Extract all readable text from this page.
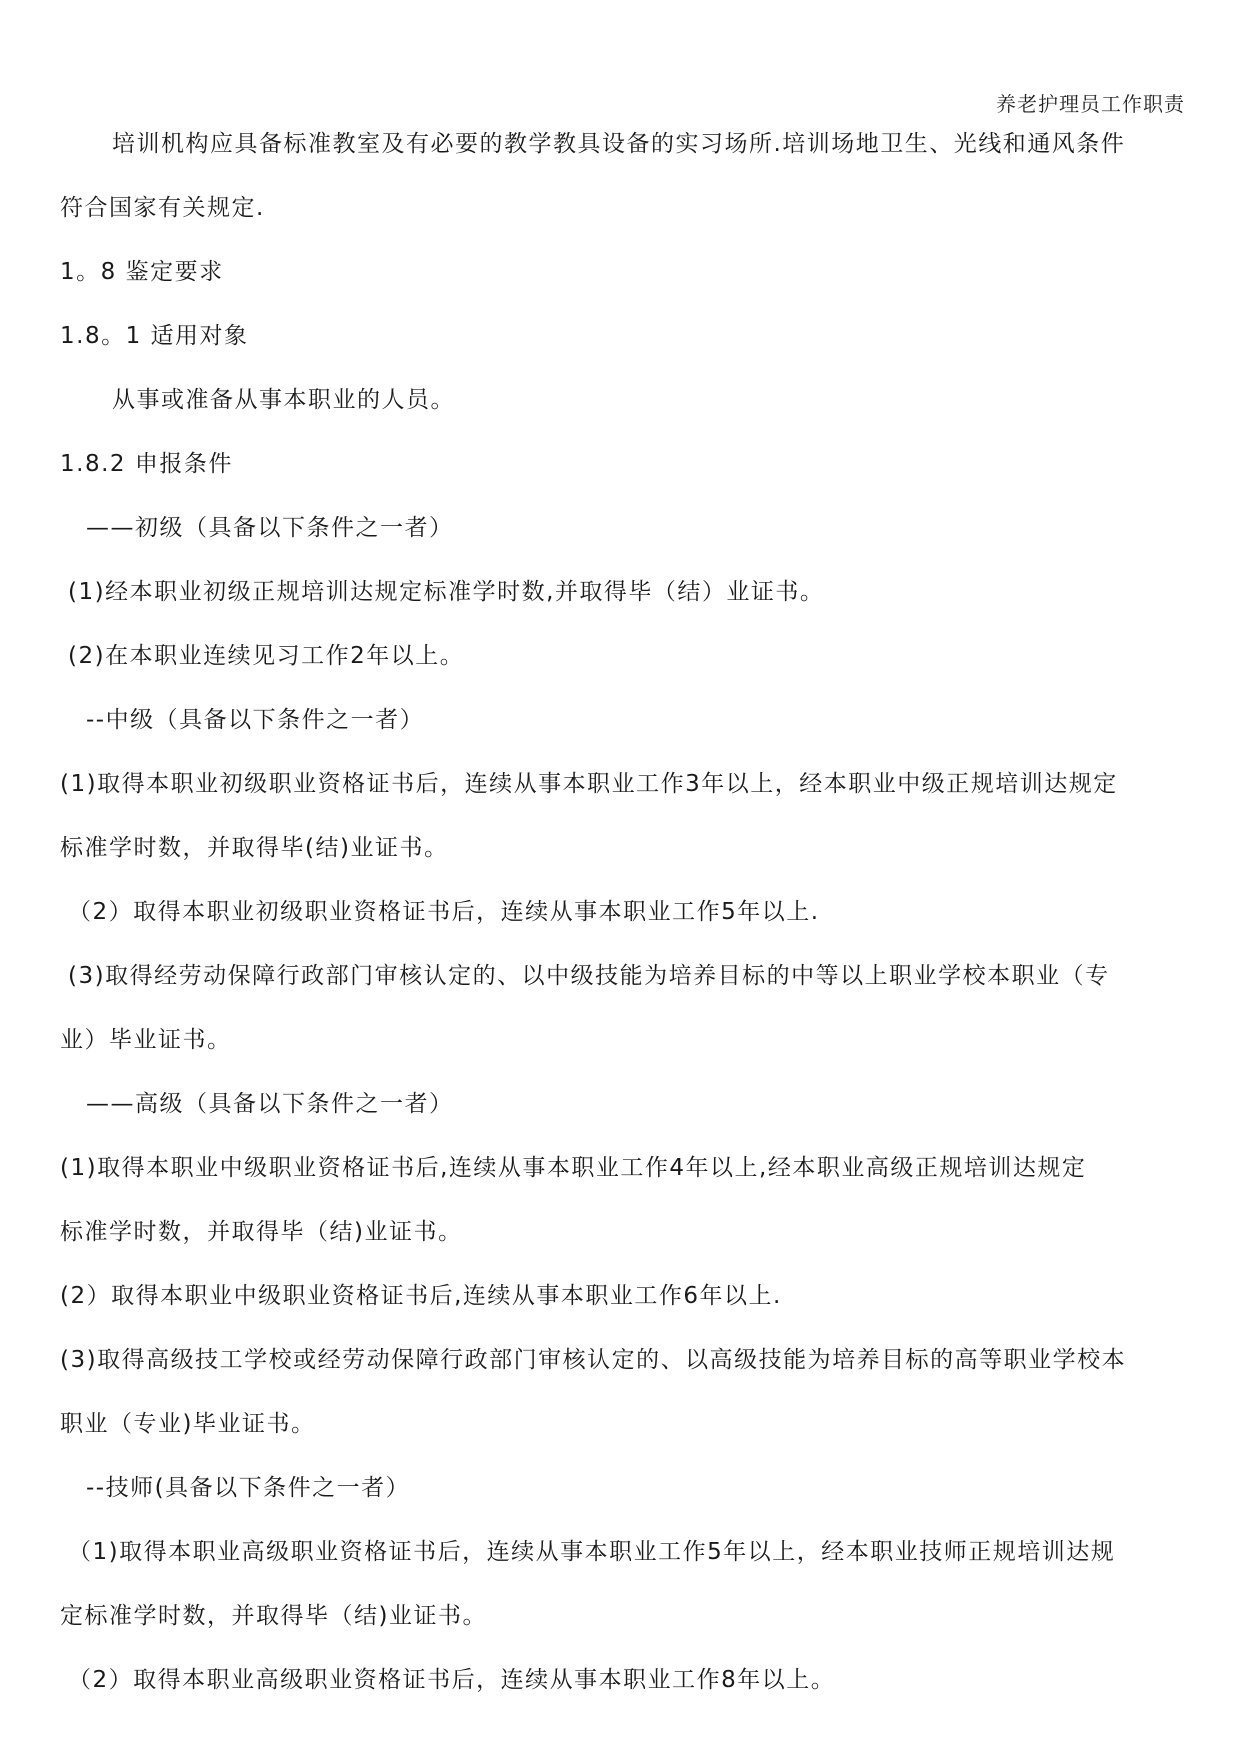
养老护理员工作职责
培训机构应具备标准教室及有必要的教学教具设备的实习场所.培训场地卫生、光线和通风条件
符合国家有关规定.
1。8 鉴定要求
1.8。1 适用对象
从事或准备从事本职业的人员。
1.8.2 申报条件
——初级（具备以下条件之一者）
(1)经本职业初级正规培训达规定标准学时数,并取得毕（结）业证书。
(2)在本职业连续见习工作2年以上。
--中级（具备以下条件之一者）
(1)取得本职业初级职业资格证书后，连续从事本职业工作3年以上，经本职业中级正规培训达规定
标准学时数，并取得毕(结)业证书。
（2）取得本职业初级职业资格证书后，连续从事本职业工作5年以上.
(3)取得经劳动保障行政部门审核认定的、以中级技能为培养目标的中等以上职业学校本职业（专
业）毕业证书。
——高级（具备以下条件之一者）
(1)取得本职业中级职业资格证书后,连续从事本职业工作4年以上,经本职业高级正规培训达规定
标准学时数，并取得毕（结)业证书。
(2）取得本职业中级职业资格证书后,连续从事本职业工作6年以上.
(3)取得高级技工学校或经劳动保障行政部门审核认定的、以高级技能为培养目标的高等职业学校本
职业（专业)毕业证书。
--技师(具备以下条件之一者）
（1)取得本职业高级职业资格证书后，连续从事本职业工作5年以上，经本职业技师正规培训达规
定标准学时数，并取得毕（结)业证书。
（2）取得本职业高级职业资格证书后，连续从事本职业工作8年以上。
